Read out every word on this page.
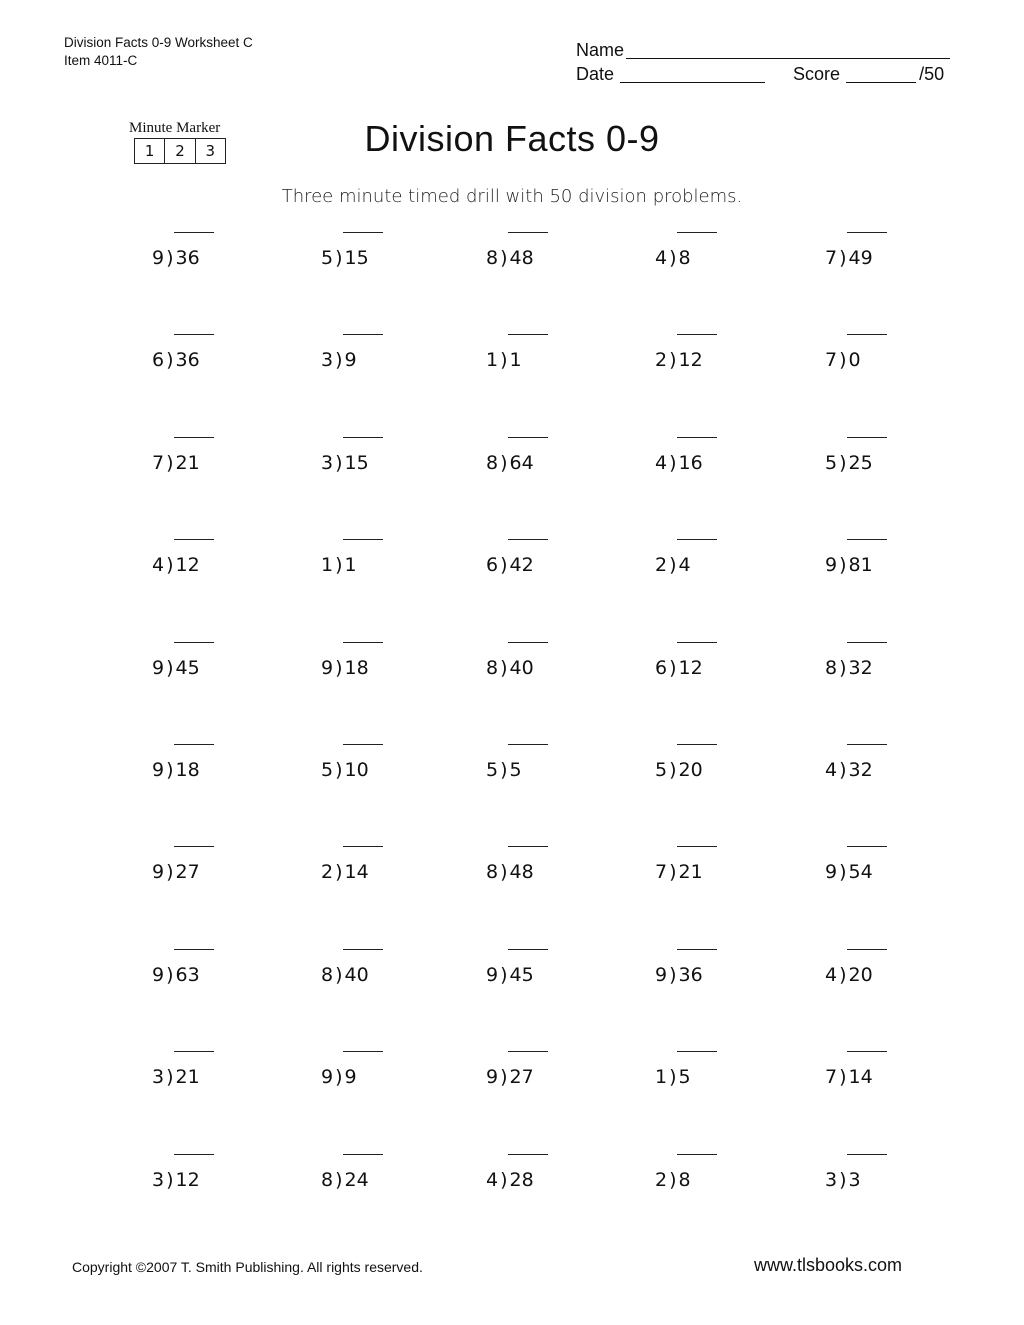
Division Facts 0-9 Worksheet C
Item 4011-C
Name
Date	Score	/50
Minute Marker
1	2	3	Division Facts 0-9
Three minute timed drill with 50 division problems.
9 ) 36	5 ) 15	8 ) 48	4 ) 8	7 ) 49
6 ) 36	3 ) 9	1 ) 1	2 ) 12	7 ) 0
7 ) 21	3 ) 15	8 ) 64	4 ) 16	5 ) 25
4 ) 12	1 ) 1	6 ) 42	2 ) 4	9 ) 81
9 ) 45	9 ) 18	8 ) 40	6 ) 12	8 ) 32
9 ) 18	5 ) 10	5 ) 5	5 ) 20	4 ) 32
9 ) 27	2 ) 14	8 ) 48	7 ) 21	9 ) 54
9 ) 63	8 ) 40	9 ) 45	9 ) 36	4 ) 20
3 ) 21	9 ) 9	9 ) 27	1 ) 5	7 ) 14
3 ) 12	8 ) 24	4 ) 28	2 ) 8	3 ) 3
Copyright ©2007 T. Smith Publishing. All rights reserved.	www.tlsbooks.com
